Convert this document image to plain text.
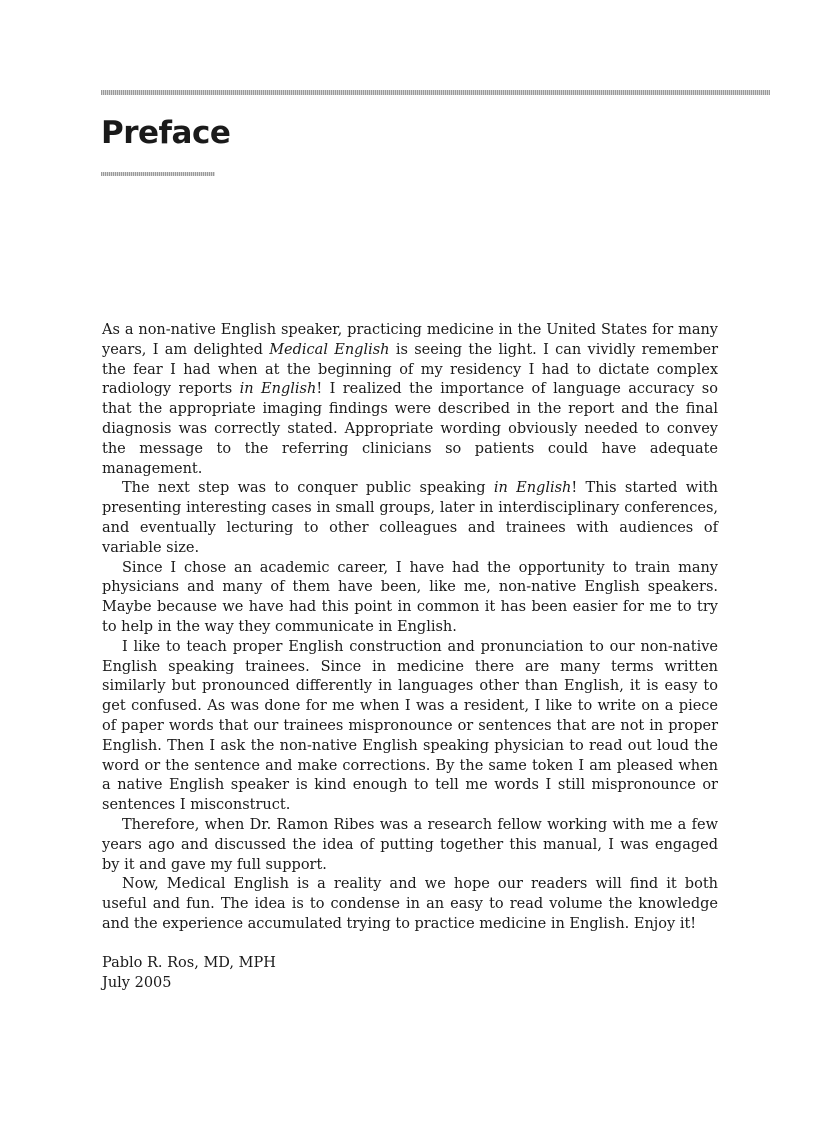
Preface

As a non-native English speaker, practicing medicine in the United States for many years, I am delighted Medical English is seeing the light. I can vividly remember the fear I had when at the beginning of my residency I had to dictate complex radiology reports in English! I realized the importance of language accuracy so that the appropriate imaging findings were described in the report and the final diagnosis was correctly stated. Appropriate wording obviously needed to convey the message to the referring clinicians so patients could have adequate management.

The next step was to conquer public speaking in English! This started with presenting interesting cases in small groups, later in interdisciplinary conferences, and eventually lecturing to other colleagues and trainees with audiences of variable size.

Since I chose an academic career, I have had the opportunity to train many physicians and many of them have been, like me, non-native English speakers. Maybe because we have had this point in common it has been easier for me to try to help in the way they communicate in English.

I like to teach proper English construction and pronunciation to our non-native English speaking trainees. Since in medicine there are many terms written similarly but pronounced differently in languages other than English, it is easy to get confused. As was done for me when I was a resident, I like to write on a piece of paper words that our trainees mispronounce or sentences that are not in proper English. Then I ask the non-native English speaking physician to read out loud the word or the sentence and make corrections. By the same token I am pleased when a native English speaker is kind enough to tell me words I still mispronounce or sentences I misconstruct.

Therefore, when Dr. Ramon Ribes was a research fellow working with me a few years ago and discussed the idea of putting together this manual, I was engaged by it and gave my full support.

Now, Medical English is a reality and we hope our readers will find it both useful and fun. The idea is to condense in an easy to read volume the knowledge and the experience accumulated trying to practice medicine in English. Enjoy it!

Pablo R. Ros, MD, MPH
July 2005
